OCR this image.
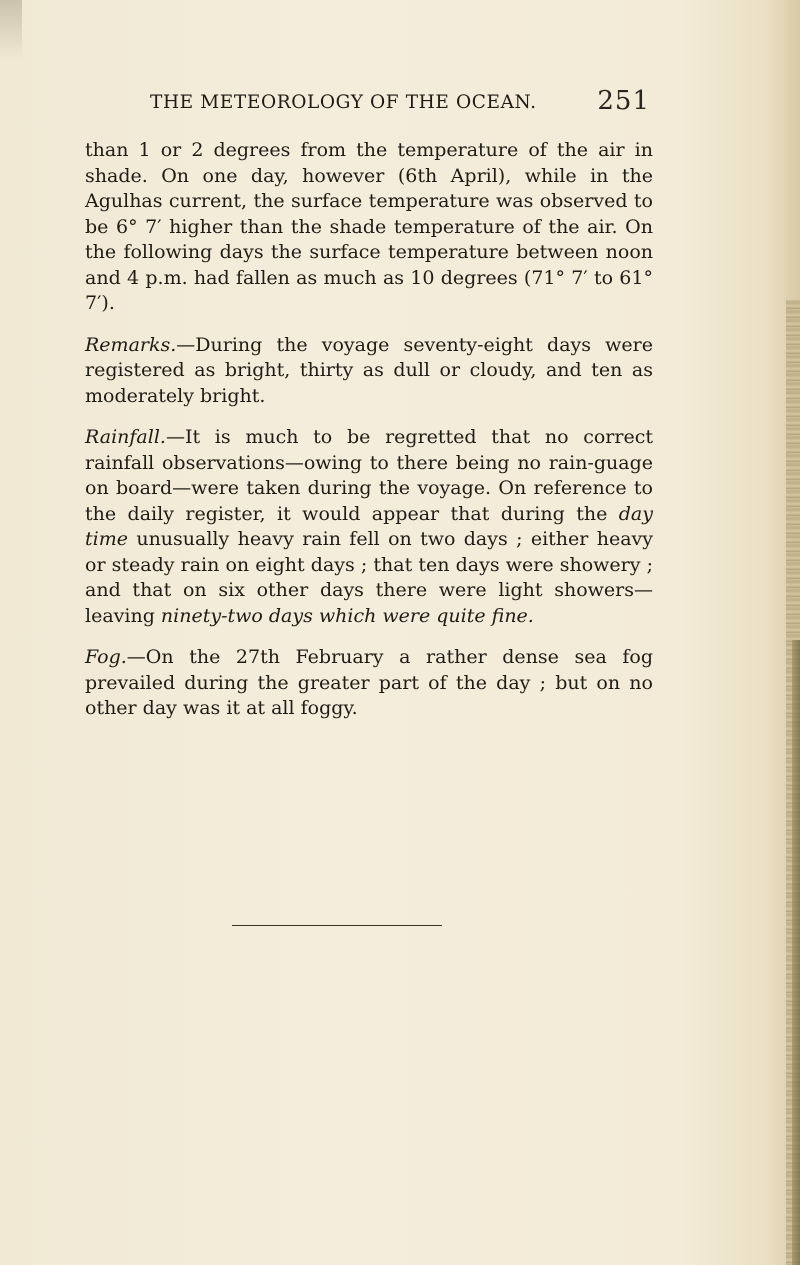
THE METEOROLOGY OF THE OCEAN. 251

than 1 or 2 degrees from the temperature of the air in shade. On one day, however (6th April), while in the Agulhas current, the surface temperature was observed to be 6° 7′ higher than the shade temperature of the air. On the following days the surface temperature between noon and 4 p.m. had fallen as much as 10 degrees (71° 7′ to 61° 7′).

Remarks.—During the voyage seventy-eight days were registered as bright, thirty as dull or cloudy, and ten as moderately bright.

Rainfall.—It is much to be regretted that no correct rainfall observations—owing to there being no rain-guage on board—were taken during the voyage. On reference to the daily register, it would appear that during the day time unusually heavy rain fell on two days ; either heavy or steady rain on eight days ; that ten days were showery ; and that on six other days there were light showers—leaving ninety-two days which were quite fine.

Fog.—On the 27th February a rather dense sea fog prevailed during the greater part of the day ; but on no other day was it at all foggy.
